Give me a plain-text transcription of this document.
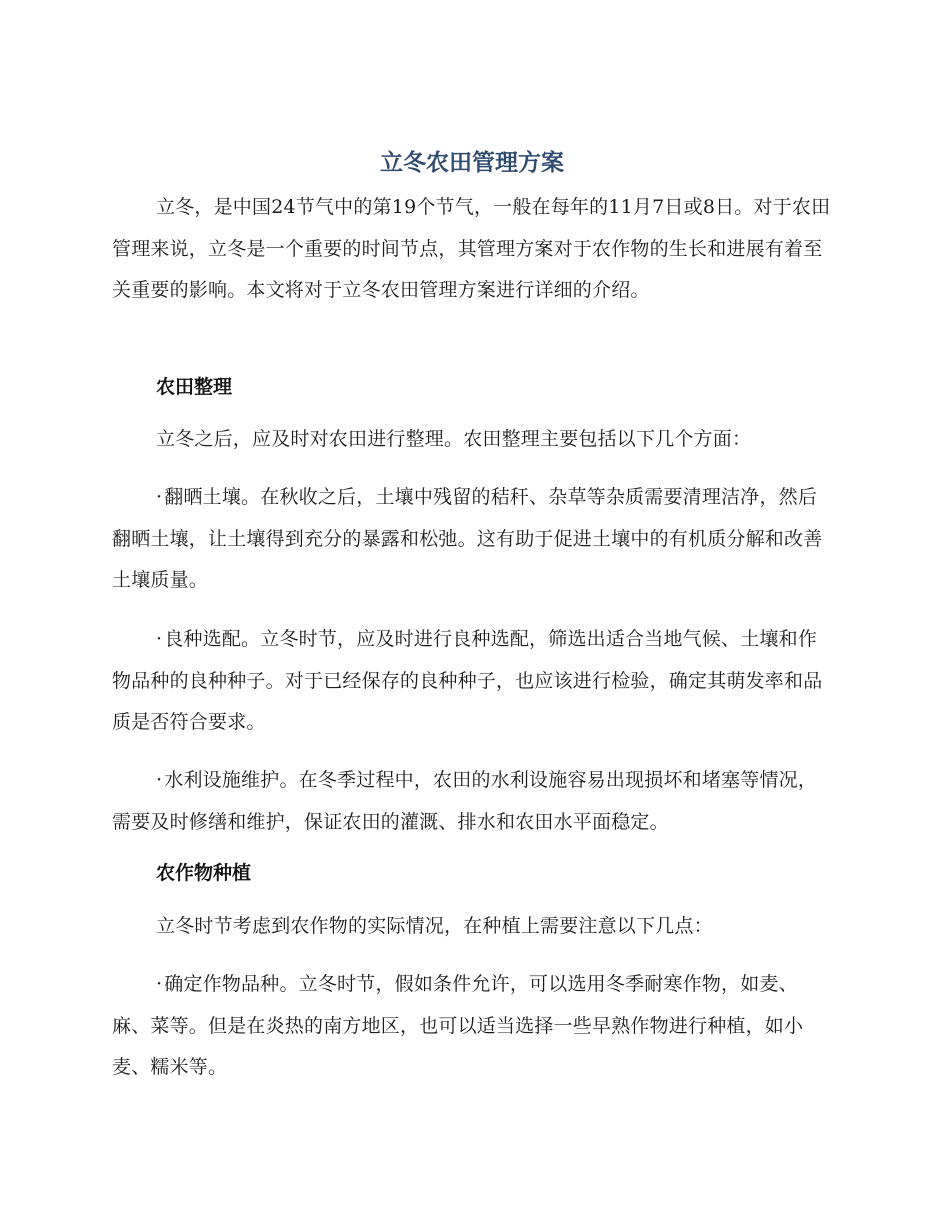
立冬农田管理方案

立冬，是中国24节气中的第19个节气，一般在每年的11月7日或8日。对于农田管理来说，立冬是一个重要的时间节点，其管理方案对于农作物的生长和进展有着至关重要的影响。本文将对于立冬农田管理方案进行详细的介绍。

农田整理

立冬之后，应及时对农田进行整理。农田整理主要包括以下几个方面：

· 翻晒土壤。在秋收之后，土壤中残留的秸秆、杂草等杂质需要清理洁净，然后翻晒土壤，让土壤得到充分的暴露和松弛。这有助于促进土壤中的有机质分解和改善土壤质量。

· 良种选配。立冬时节，应及时进行良种选配，筛选出适合当地气候、土壤和作物品种的良种种子。对于已经保存的良种种子，也应该进行检验，确定其萌发率和品质是否符合要求。

· 水利设施维护。在冬季过程中，农田的水利设施容易出现损坏和堵塞等情况，需要及时修缮和维护，保证农田的灌溉、排水和农田水平面稳定。

农作物种植

立冬时节考虑到农作物的实际情况，在种植上需要注意以下几点：

· 确定作物品种。立冬时节，假如条件允许，可以选用冬季耐寒作物，如麦、麻、菜等。但是在炎热的南方地区，也可以适当选择一些早熟作物进行种植，如小麦、糯米等。
